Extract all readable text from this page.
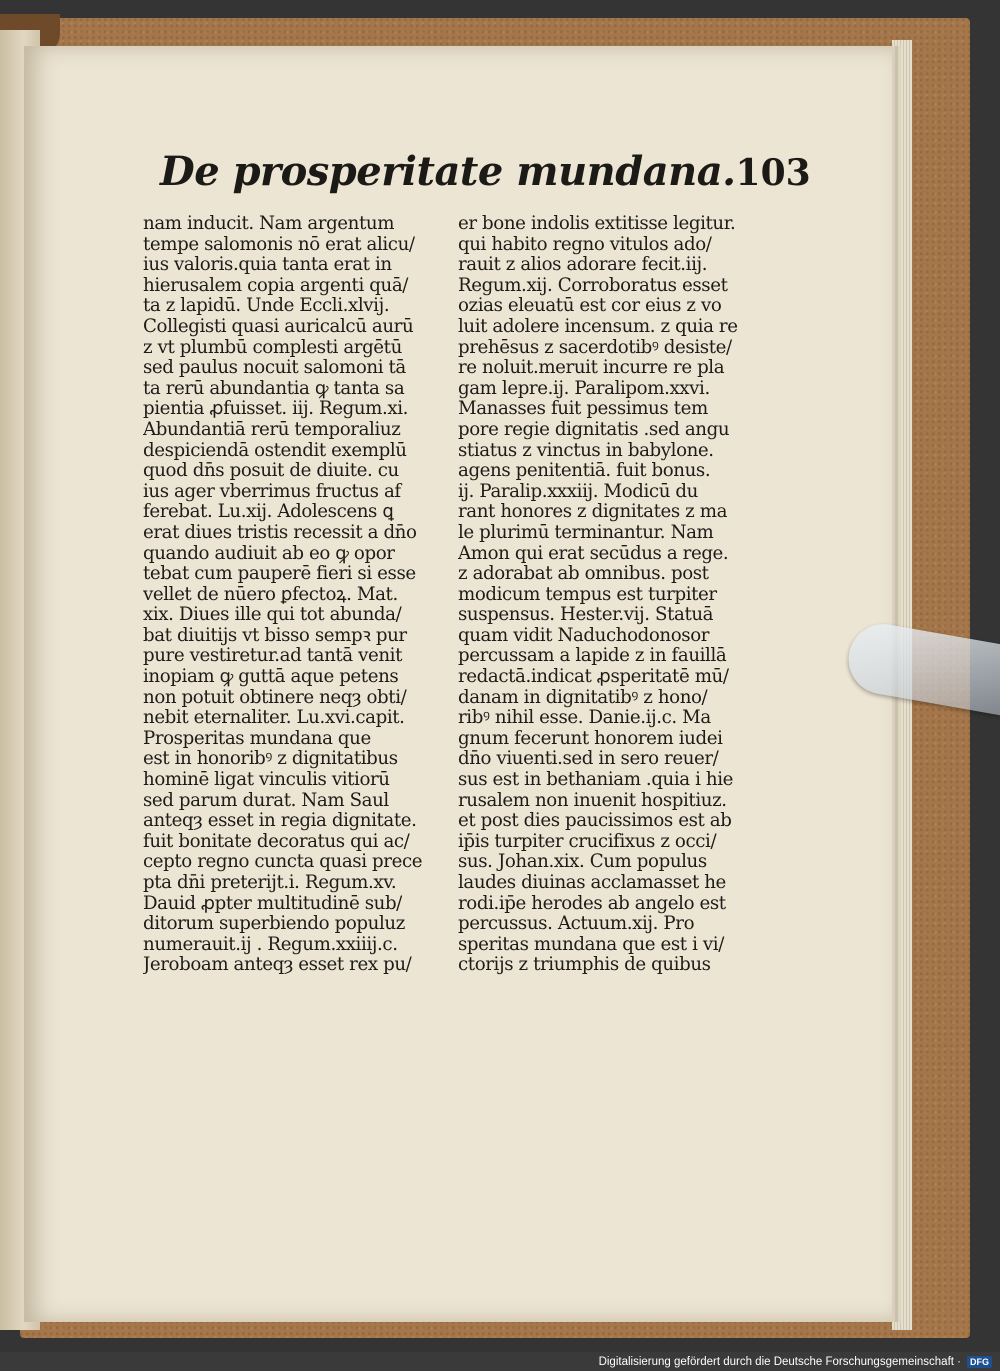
De prosperitate mundana. 103
nam inducit. Nam argentum
tempe salomonis nō erat alicu/
ius valoris.quia tanta erat in
hierusalem copia argenti quā/
ta z lapidū. Unde Eccli.xlvij.
Collegisti quasi auricalcū aurū
z vt plumbū complesti argētū
sed paulus nocuit salomoni tā
ta rerū abundantia ꝙ tanta sa
pientia ꝓfuisset. iij. Regum.xi.
Abundantiā rerū temporaliuz
despiciendā ostendit exemplū
quod dn̄s posuit de diuite. cu
ius ager vberrimus fructus af
ferebat. Lu.xij. Adolescens ꝗ
erat diues tristis recessit a dn̄o
quando audiuit ab eo ꝙ opor
tebat cum pauperē fieri si esse
vellet de nūero ꝑfectoꝝ. Mat.
xix. Diues ille qui tot abunda/
bat diuitijs vt bisso sempꝛ pur
pure vestiretur.ad tantā venit
inopiam ꝙ guttā aque petens
non potuit obtinere neqȝ obti/
nebit eternaliter. Lu.xvi.capit.
Prosperitas mundana que
est in honoribꝰ z dignitatibus
hominē ligat vinculis vitiorū
sed parum durat. Nam Saul
anteqȝ esset in regia dignitate.
fuit bonitate decoratus qui ac/
cepto regno cuncta quasi prece
pta dn̄i preterijt.i. Regum.xv.
Dauid ꝓpter multitudinē sub/
ditorum superbiendo populuz
numerauit.ij . Regum.xxiiij.c.
Jeroboam anteqȝ esset rex pu/
er bone indolis extitisse legitur.
qui habito regno vitulos ado/
rauit z alios adorare fecit.iij.
Regum.xij. Corroboratus esset
ozias eleuatū est cor eius z vo
luit adolere incensum. z quia re
prehēsus z sacerdotibꝰ desiste/
re noluit.meruit incurre re pla
gam lepre.ij. Paralipom.xxvi.
Manasses fuit pessimus tem
pore regie dignitatis .sed angu
stiatus z vinctus in babylone.
agens penitentiā. fuit bonus.
ij. Paralip.xxxiij. Modicū du
rant honores z dignitates z ma
le plurimū terminantur. Nam
Amon qui erat secūdus a rege.
z adorabat ab omnibus. post
modicum tempus est turpiter
suspensus. Hester.vij. Statuā
quam vidit Naduchodonosor
percussam a lapide z in fauillā
redactā.indicat ꝓsperitatē mū/
danam in dignitatibꝰ z hono/
ribꝰ nihil esse. Danie.ij.c. Ma
gnum fecerunt honorem iudei
dn̄o viuenti.sed in sero reuer/
sus est in bethaniam .quia i hie
rusalem non inuenit hospitiuz.
et post dies paucissimos est ab
ip̄is turpiter crucifixus z occi/
sus. Johan.xix. Cum populus
laudes diuinas acclamasset he
rodi.ip̄e herodes ab angelo est
percussus. Actuum.xij. Pro
speritas mundana que est i vi/
ctorijs z triumphis de quibus
Digitalisierung gefördert durch die Deutsche Forschungsgemeinschaft ·	DFG
